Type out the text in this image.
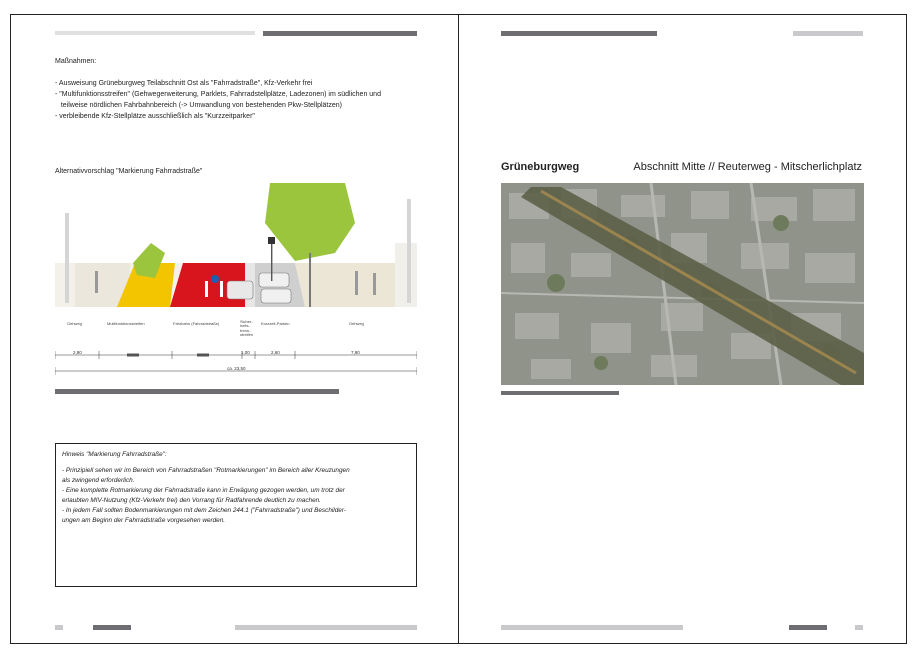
Maßnahmen:
- Ausweisung Grüneburgweg Teilabschnitt Ost als "Fahrradstraße", Kfz-Verkehr frei
- "Multifunktionsstreifen" (Gehwegerweiterung, Parklets, Fahrradstellplätze, Ladezonen) im südlichen und
teilweise nördlichen Fahrbahnbereich (-> Umwandlung von bestehenden Pkw-Stellplätzen)
- verbleibende Kfz-Stellplätze ausschließlich als "Kurzzeitparker"
Alternativvorschlag "Markierung Fahrradstraße"
Gehweg	Multifunktionsstreifen	Fahrbahn (Fahrradstraße)	Sicher-
heits-
trenn-
streifen
Kurzzeit-Parken	Gehweg
2,90	1,00	2,60	7,90
ca. 23,50
Hinweis "Markierung Fahrradstraße":
- Prinzipiell sehen wir im Bereich von Fahrradstraßen "Rotmarkierungen" im Bereich aller Kreuzungen
als zwingend erforderlich.
- Eine komplette Rotmarkierung der Fahrradstraße kann in Erwägung gezogen werden, um trotz der
erlaubten MIV-Nutzung (Kfz-Verkehr frei) den Vorrang für Radfahrende deutlich zu machen.
- In jedem Fall sollten Bodenmarkierungen mit dem Zeichen 244.1 ("Fahrradstraße") und Beschilder-
ungen am Beginn der Fahrradstraße vorgesehen werden.
Grüneburgweg	Abschnitt Mitte // Reuterweg - Mitscherlichplatz
